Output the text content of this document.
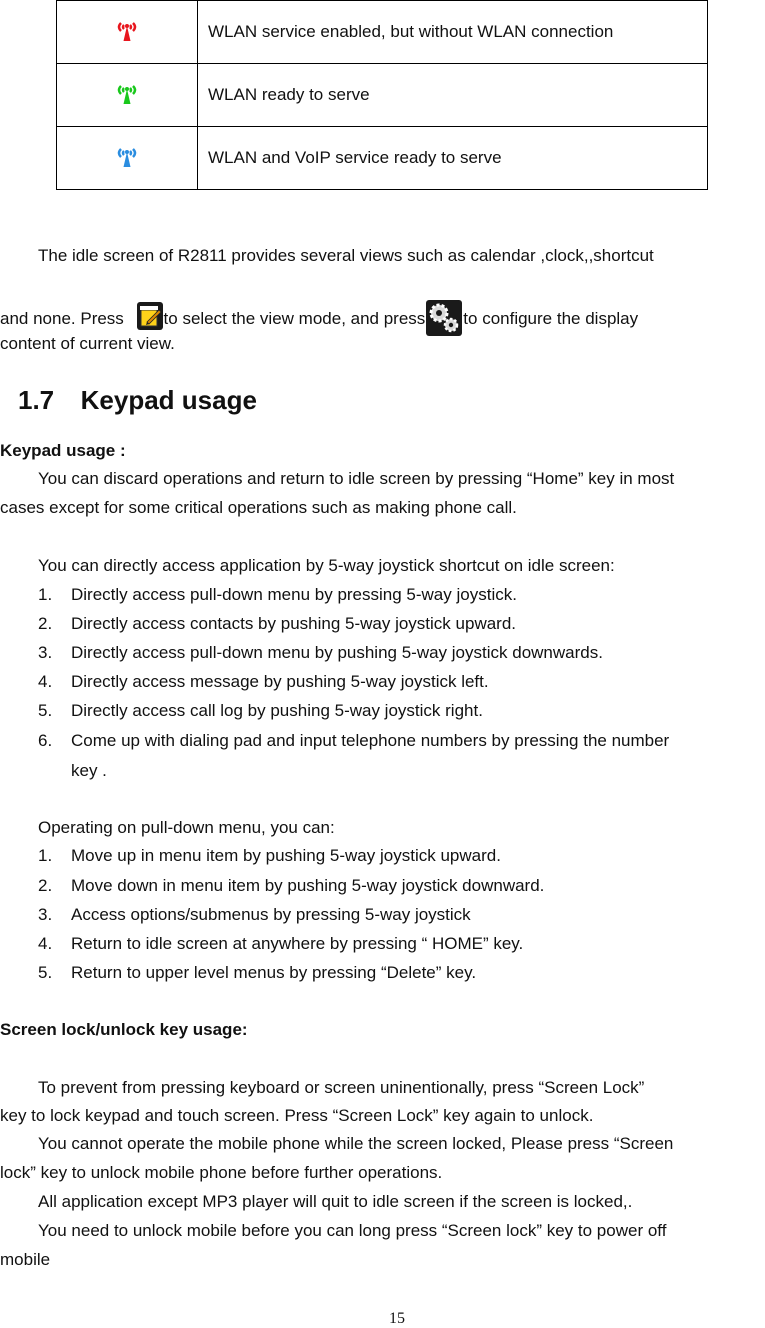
	WLAN service enabled, but without WLAN connection
	WLAN ready to serve
	WLAN and VoIP service ready to serve
The idle screen of R2811 provides several views such as calendar ,clock,,shortcut
and none. Press to select the view mode, and press to configure the display
content of current view.
1.7 Keypad usage
Keypad usage :
You can discard operations and return to idle screen by pressing “Home” key in most
cases except for some critical operations such as making phone call.
You can directly access application by 5-way joystick shortcut on idle screen:
1. Directly access pull-down menu by pressing 5-way joystick.
2. Directly access contacts by pushing 5-way joystick upward.
3. Directly access pull-down menu by pushing 5-way joystick downwards.
4. Directly access message by pushing 5-way joystick left.
5. Directly access call log by pushing 5-way joystick right.
6. Come up with dialing pad and input telephone numbers by pressing the number
key .
Operating on pull-down menu, you can:
1. Move up in menu item by pushing 5-way joystick upward.
2. Move down in menu item by pushing 5-way joystick downward.
3. Access options/submenus by pressing 5-way joystick
4. Return to idle screen at anywhere by pressing “ HOME” key.
5. Return to upper level menus by pressing “Delete” key.
Screen lock/unlock key usage:
To prevent from pressing keyboard or screen uninentionally, press “Screen Lock”
key to lock keypad and touch screen. Press “Screen Lock” key again to unlock.
You cannot operate the mobile phone while the screen locked, Please press “Screen
lock” key to unlock mobile phone before further operations.
All application except MP3 player will quit to idle screen if the screen is locked,.
You need to unlock mobile before you can long press “Screen lock” key to power off
mobile
15
